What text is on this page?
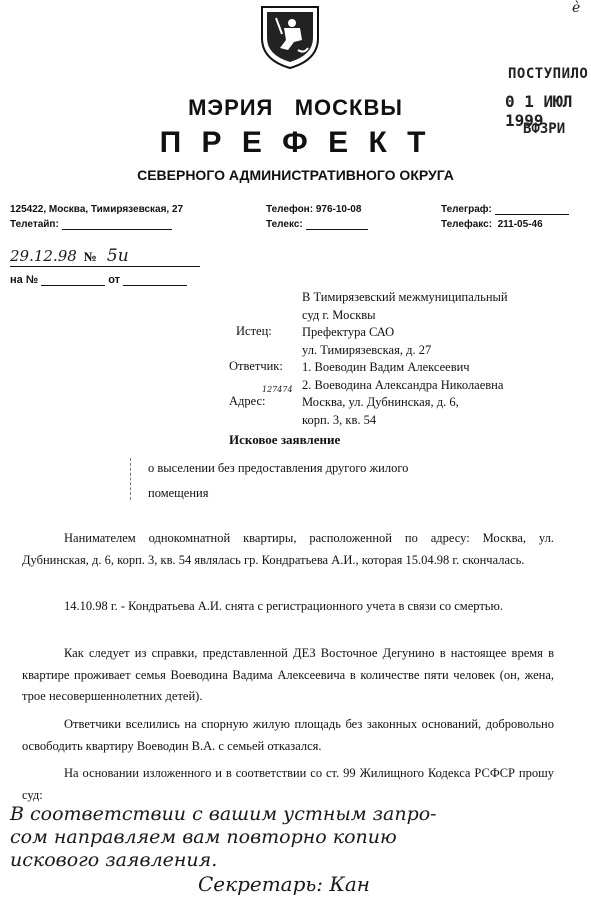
ѐ
ПОСТУПИЛО
0 1 ИЮЛ 1999
ВФЗРИ
МЭРИЯ   МОСКВЫ
П Р Е Ф Е К Т
СЕВЕРНОГО АДМИНИСТРАТИВНОГО ОКРУГА
125422, Москва, Тимирязевская, 27
Телетайп:
Телефон: 976-10-08
Телекс:
Телеграф:
Телефакс:  211-05-46
29.12.98 № 5и
на №	от
В Тимирязевский межмуниципальный
суд г. Москвы
Истец: Префектура САО
ул. Тимирязевская, д. 27
Ответчик: 1. Воеводин Вадим Алексеевич
2. Воеводина Александра Николаевна
Адрес:
127474
Москва, ул. Дубнинская, д. 6,
корп. 3, кв. 54
Исковое заявление
о выселении без предоставления другого жилого
помещения

Нанимателем однокомнатной квартиры, расположенной по адресу: Москва, ул. Дубнинская, д. 6, корп. 3, кв. 54 являлась гр. Кондратьева А.И., которая 15.04.98 г. скончалась.

14.10.98 г. - Кондратьева А.И. снята с регистрационного учета в связи со смертью.

Как следует из справки, представленной ДЕЗ Восточное Дегунино в настоящее время в квартире проживает семья Воеводина Вадима Алексеевича в количестве пяти человек (он, жена, трое несовершеннолетних детей).

Ответчики вселились на спорную жилую площадь без законных оснований, добровольно освободить квартиру Воеводин В.А. с семьей отказался.

На основании изложенного и в соответствии со ст. 99 Жилищного Кодекса РСФСР прошу суд:

В соответствии с вашим устным запро-
сом направляем вам повторно копию
искового заявления.
Секретарь: Кан
